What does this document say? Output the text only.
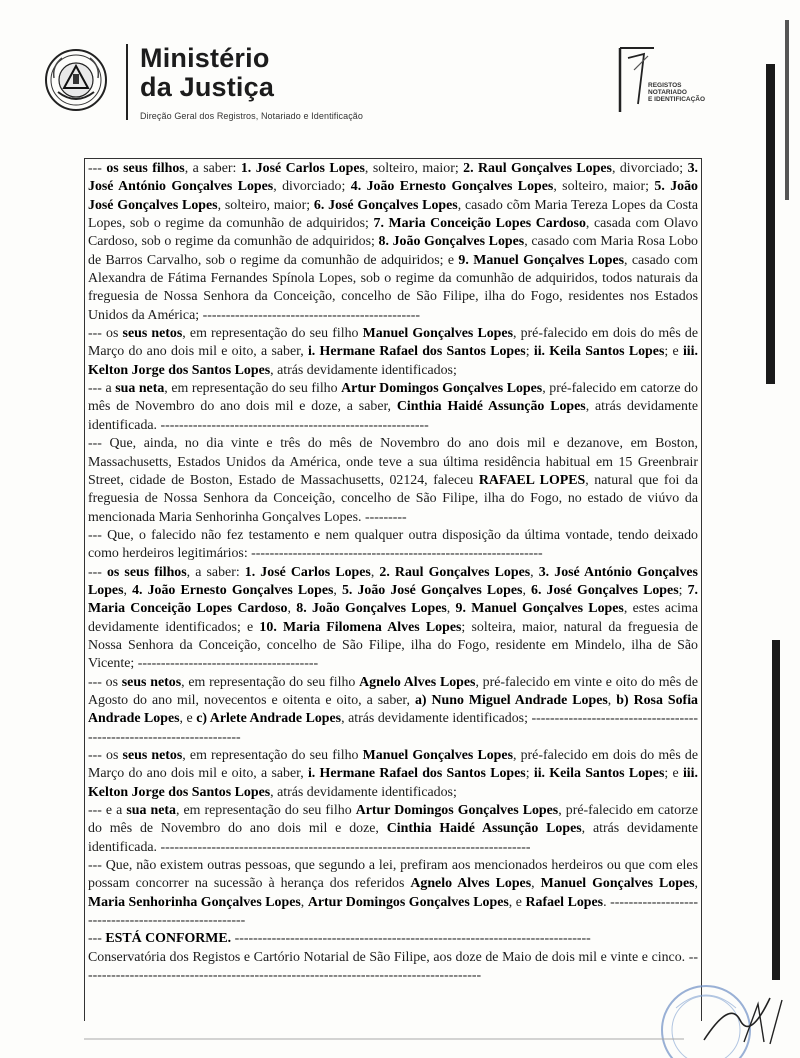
Ministério
da Justiça
Direção Geral dos Registros, Notariado e Identificação
REGISTOS
NOTARIADO
E IDENTIFICAÇÃO

--- os seus filhos, a saber: 1. José Carlos Lopes, solteiro, maior; 2. Raul Gonçalves Lopes, divorciado; 3. José António Gonçalves Lopes, divorciado; 4. João Ernesto Gonçalves Lopes, solteiro, maior; 5. João José Gonçalves Lopes, solteiro, maior; 6. José Gonçalves Lopes, casado cõm Maria Tereza Lopes da Costa Lopes, sob o regime da comunhão de adquiridos; 7. Maria Conceição Lopes Cardoso, casada com Olavo Cardoso, sob o regime da comunhão de adquiridos; 8. João Gonçalves Lopes, casado com Maria Rosa Lobo de Barros Carvalho, sob o regime da comunhão de adquiridos; e 9. Manuel Gonçalves Lopes, casado com Alexandra de Fátima Fernandes Spínola Lopes, sob o regime da comunhão de adquiridos, todos naturais da freguesia de Nossa Senhora da Conceição, concelho de São Filipe, ilha do Fogo, residentes nos Estados Unidos da América; -----------------------------------------------

--- os seus netos, em representação do seu filho Manuel Gonçalves Lopes, pré-falecido em dois do mês de Março do ano dois mil e oito, a saber, i. Hermane Rafael dos Santos Lopes; ii. Keila Santos Lopes; e iii. Kelton Jorge dos Santos Lopes, atrás devidamente identificados;

--- a sua neta, em representação do seu filho Artur Domingos Gonçalves Lopes, pré-falecido em catorze do mês de Novembro do ano dois mil e doze, a saber, Cinthia Haidé Assunção Lopes, atrás devidamente identificada. ----------------------------------------------------------

--- Que, ainda, no dia vinte e três do mês de Novembro do ano dois mil e dezanove, em Boston, Massachusetts, Estados Unidos da América, onde teve a sua última residência habitual em 15 Greenbrair Street, cidade de Boston, Estado de Massachusetts, 02124, faleceu RAFAEL LOPES, natural que foi da freguesia de Nossa Senhora da Conceição, concelho de São Filipe, ilha do Fogo, no estado de viúvo da mencionada Maria Senhorinha Gonçalves Lopes. ---------

--- Que, o falecido não fez testamento e nem qualquer outra disposição da última vontade, tendo deixado como herdeiros legitimários: ---------------------------------------------------------------

--- os seus filhos, a saber: 1. José Carlos Lopes, 2. Raul Gonçalves Lopes, 3. José António Gonçalves Lopes, 4. João Ernesto Gonçalves Lopes, 5. João José Gonçalves Lopes, 6. José Gonçalves Lopes; 7. Maria Conceição Lopes Cardoso, 8. João Gonçalves Lopes, 9. Manuel Gonçalves Lopes, estes acima devidamente identificados; e 10. Maria Filomena Alves Lopes; solteira, maior, natural da freguesia de Nossa Senhora da Conceição, concelho de São Filipe, ilha do Fogo, residente em Mindelo, ilha de São Vicente; ---------------------------------------

--- os seus netos, em representação do seu filho Agnelo Alves Lopes, pré-falecido em vinte e oito do mês de Agosto do ano mil, novecentos e oitenta e oito, a saber, a) Nuno Miguel Andrade Lopes, b) Rosa Sofia Andrade Lopes, e c) Arlete Andrade Lopes, atrás devidamente identificados; ---------------------------------------------------------------------

--- os seus netos, em representação do seu filho Manuel Gonçalves Lopes, pré-falecido em dois do mês de Março do ano dois mil e oito, a saber, i. Hermane Rafael dos Santos Lopes; ii. Keila Santos Lopes; e iii. Kelton Jorge dos Santos Lopes, atrás devidamente identificados;

--- e a sua neta, em representação do seu filho Artur Domingos Gonçalves Lopes, pré-falecido em catorze do mês de Novembro do ano dois mil e doze, Cinthia Haidé Assunção Lopes, atrás devidamente identificada. --------------------------------------------------------------------------------

--- Que, não existem outras pessoas, que segundo a lei, prefiram aos mencionados herdeiros ou que com eles possam concorrer na sucessão à herança dos referidos Agnelo Alves Lopes, Manuel Gonçalves Lopes, Maria Senhorinha Gonçalves Lopes, Artur Domingos Gonçalves Lopes, e Rafael Lopes. -----------------------------------------------------

--- ESTÁ CONFORME. -----------------------------------------------------------------------------

Conservatória dos Registos e Cartório Notarial de São Filipe, aos doze de Maio de dois mil e vinte e cinco. ---------------------------------------------------------------------------------------
